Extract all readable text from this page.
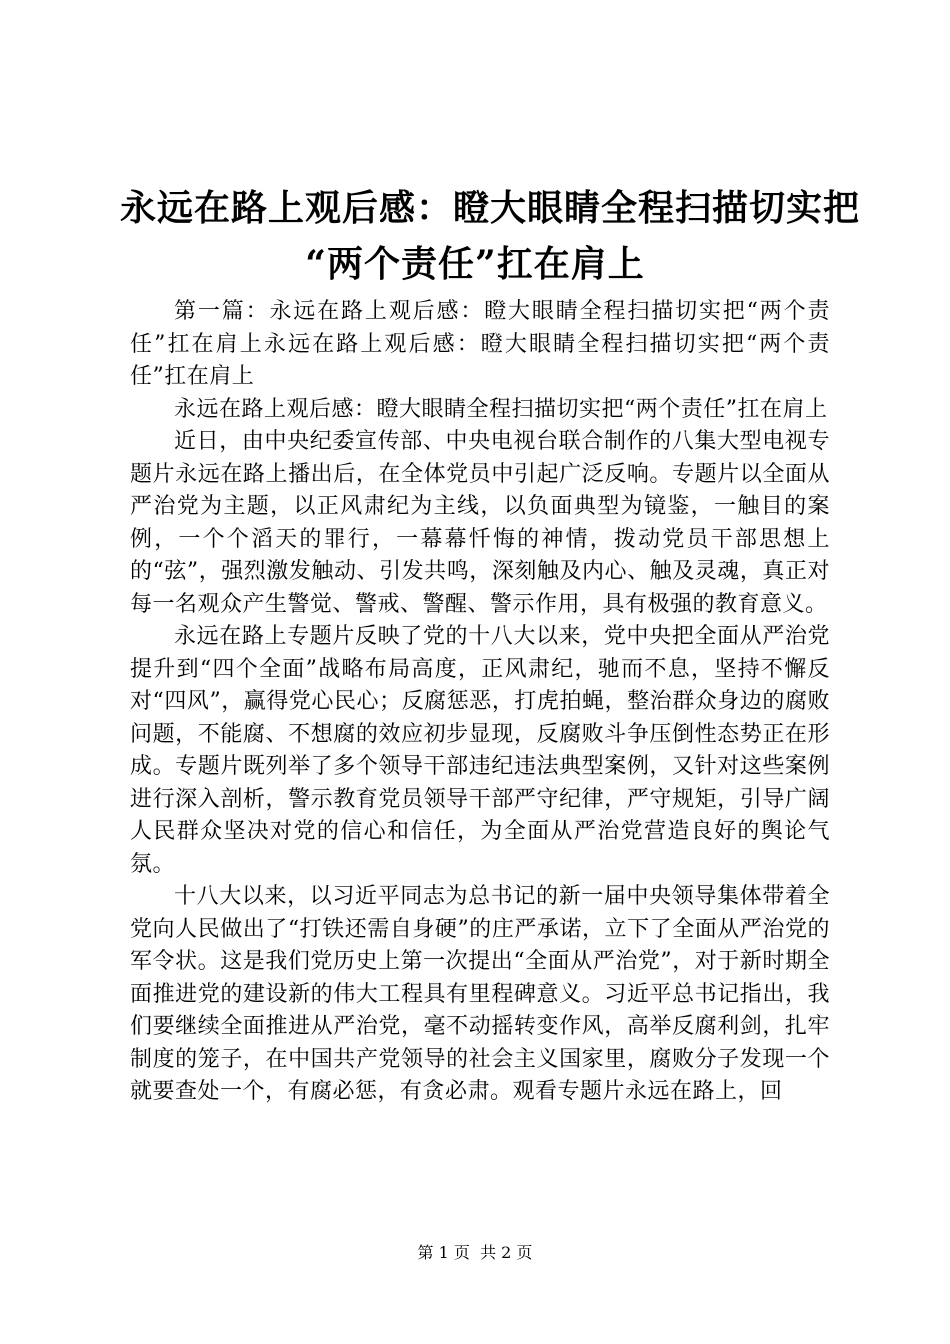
永远在路上观后感：瞪大眼睛全程扫描切实把
“两个责任”扛在肩上

第一篇：永远在路上观后感：瞪大眼睛全程扫描切实把“两个责任”扛在肩上永远在路上观后感：瞪大眼睛全程扫描切实把“两个责任”扛在肩上

永远在路上观后感：瞪大眼睛全程扫描切实把“两个责任”扛在肩上

近日，由中央纪委宣传部、中央电视台联合制作的八集大型电视专题片永远在路上播出后，在全体党员中引起广泛反响。专题片以全面从严治党为主题，以正风肃纪为主线，以负面典型为镜鉴，一触目的案例，一个个滔天的罪行，一幕幕忏悔的神情，拨动党员干部思想上的“弦”，强烈激发触动、引发共鸣，深刻触及内心、触及灵魂，真正对每一名观众产生警觉、警戒、警醒、警示作用，具有极强的教育意义。

永远在路上专题片反映了党的十八大以来，党中央把全面从严治党提升到“四个全面”战略布局高度，正风肃纪，驰而不息，坚持不懈反对“四风”，赢得党心民心；反腐惩恶，打虎拍蝇，整治群众身边的腐败问题，不能腐、不想腐的效应初步显现，反腐败斗争压倒性态势正在形成。专题片既列举了多个领导干部违纪违法典型案例，又针对这些案例进行深入剖析，警示教育党员领导干部严守纪律，严守规矩，引导广阔人民群众坚决对党的信心和信任，为全面从严治党营造良好的舆论气氛。

十八大以来，以习近平同志为总书记的新一届中央领导集体带着全党向人民做出了“打铁还需自身硬”的庄严承诺，立下了全面从严治党的军令状。这是我们党历史上第一次提出“全面从严治党”，对于新时期全面推进党的建设新的伟大工程具有里程碑意义。习近平总书记指出，我们要继续全面推进从严治党，毫不动摇转变作风，高举反腐利剑，扎牢制度的笼子，在中国共产党领导的社会主义国家里，腐败分子发现一个就要查处一个，有腐必惩，有贪必肃。观看专题片永远在路上，回

第 1 页  共 2 页
